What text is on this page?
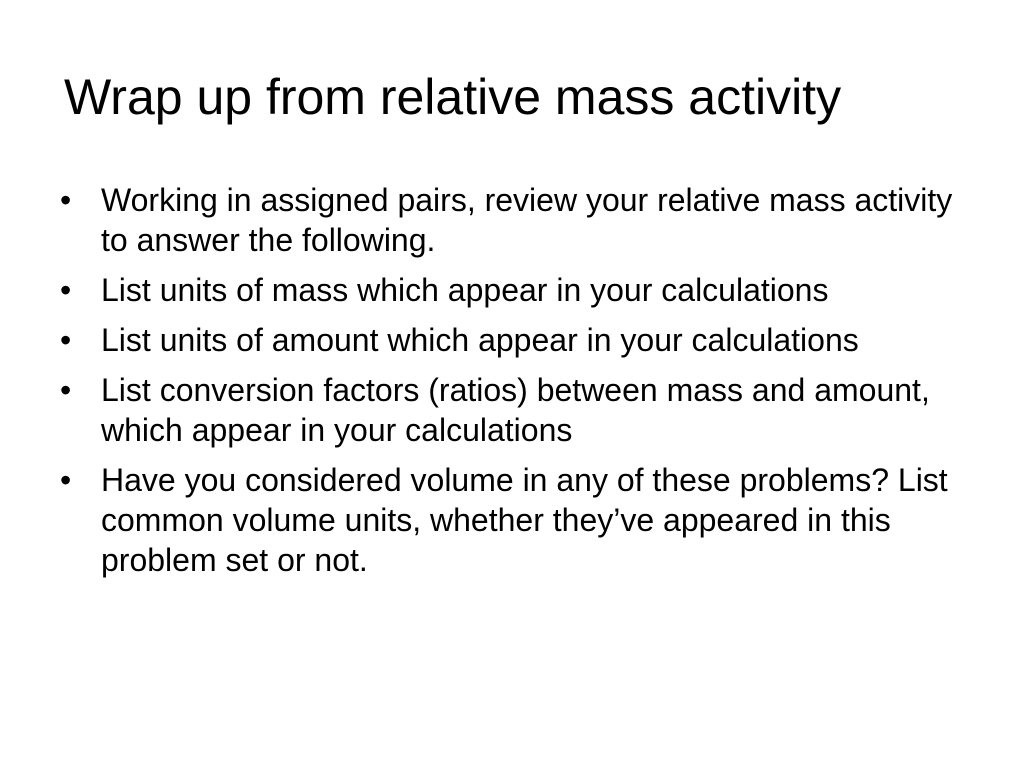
Wrap up from relative mass activity
• Working in assigned pairs, review your relative mass activity to answer the following.
• List units of mass which appear in your calculations
• List units of amount which appear in your calculations
• List conversion factors (ratios) between mass and amount, which appear in your calculations
• Have you considered volume in any of these problems? List common volume units, whether they’ve appeared in this problem set or not.
